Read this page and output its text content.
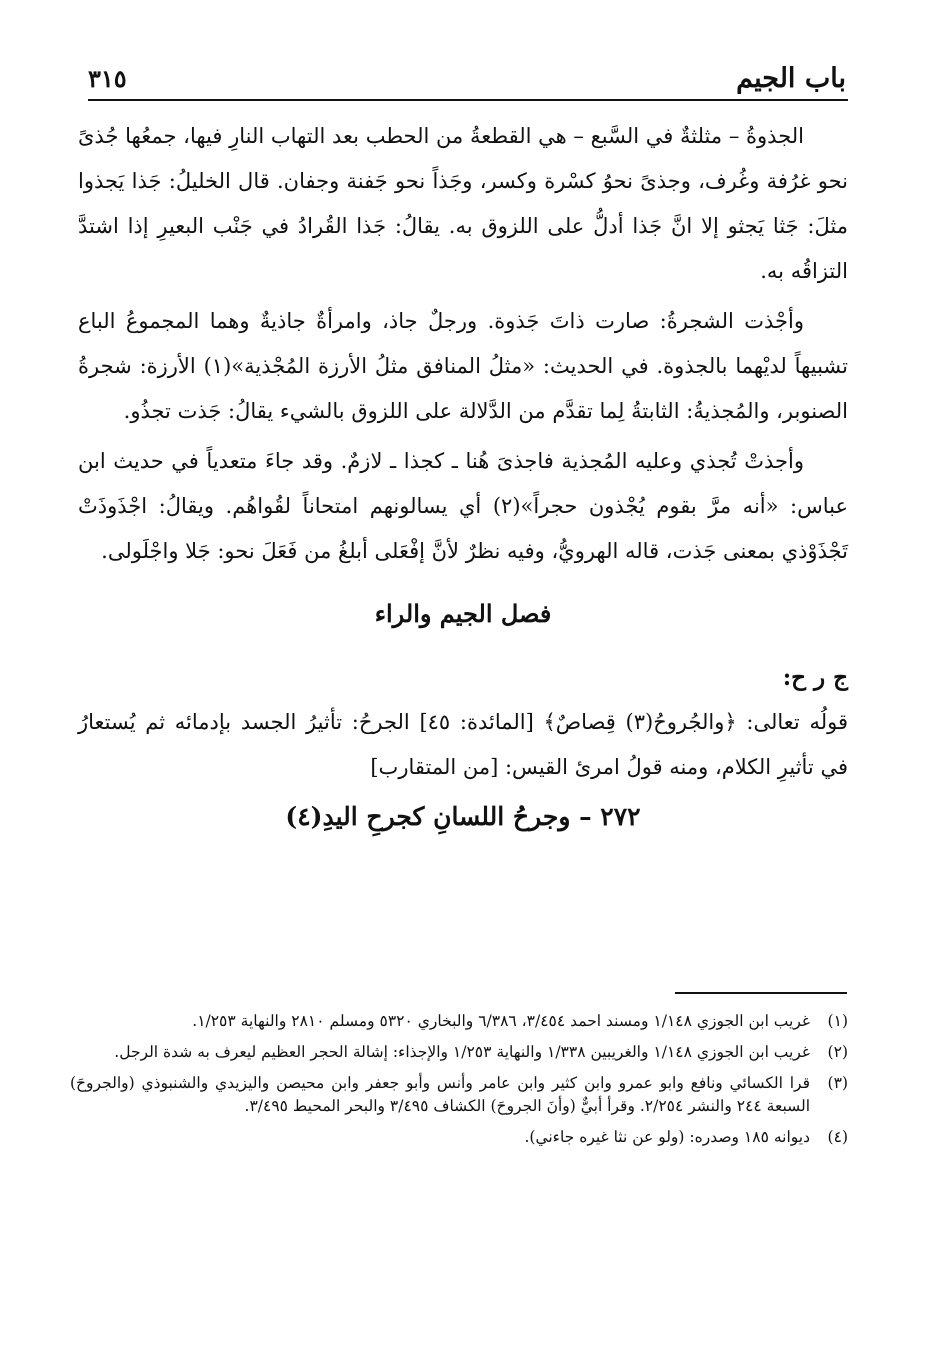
باب الجيم
٣١٥

الجذوةُ – مثلثةٌ في السَّبع – هي القطعةُ من الحطب بعد التهاب النارِ فيها، جمعُها جُذىً نحو غرُفة وغُرف، وجذىً نحوُ كسْرة وكسر، وجَذاً نحو جَفنة وجفان. قال الخليلُ: جَذا يَجذوا مثلَ: جَثا يَجثو إلا انَّ جَذا أدلُّ على اللزوق به. يقالُ: جَذا القُرادُ في جَنْب البعيرِ إذا اشتدَّ التزاقُه به.

وأجْذت الشجرةُ: صارت ذاتَ جَذوة. ورجلٌ جاذ، وامرأةٌ جاذيةٌ وهما المجموعُ الباع تشبيهاً لديْهما بالجذوة. في الحديث: «مثلُ المنافق مثلُ الأرزة المُجْذية»(١) الأرزة: شجرةُ الصنوبر، والمُجذيةُ: الثابتةُ لِما تقدَّم من الدَّلالة على اللزوق بالشيء يقالُ: جَذت تجذُو.

وأجذتْ تُجذي وعليه المُجذية فاجذىَ هُنا ـ كجذا ـ لازمٌ. وقد جاءَ متعدياً في حديث ابن عباس: «أنه مرَّ بقوم يُجْذون حجراً»(٢) أي يسالونهم امتحاناً لقُواهُم. ويقالُ: اجْذَوذَتْ تَجْذَوْذي بمعنى جَذت، قاله الهرويُّ، وفيه نظرٌ لأنَّ إفْعَلى أبلغُ من فَعَلَ نحو: جَلا واجْلَولى.

فصل الجيم والراء
ج ر ح:

قولُه تعالى: ﴿والجُروحُ(٣) قِصاصٌ﴾ [المائدة: ٤٥] الجرحُ: تأثيرُ الجسد بإدمائه ثم يُستعارُ في تأثيرِ الكلام، ومنه قولُ امرئ القيس: [من المتقارب]

٢٧٢ – وجرحُ اللسانِ كجرحِ اليدِ(٤)
(١)
غريب ابن الجوزي ١/١٤٨ ومسند احمد ٣/٤٥٤، ٦/٣٨٦ والبخاري ٥٣٢٠ ومسلم ٢٨١٠ والنهاية ١/٢٥٣.
(٢)
غريب ابن الجوزي ١/١٤٨ والغريبين ١/٣٣٨ والنهاية ١/٢٥٣ والإجذاء: إشالة الحجر العظيم ليعرف به شدة الرجل.
(٣)
قرا الكسائي ونافع وابو عمرو وابن كثير وابن عامر وأنس وأبو جعفر وابن محيصن واليزيدي والشنبوذي (والجروحَ) السبعة ٢٤٤ والنشر ٢/٢٥٤. وقرأ أبيٌّ (وأنَ الجروحَ) الكشاف ٣/٤٩٥ والبحر المحيط ٣/٤٩٥.
(٤)
ديوانه ١٨٥ وصدره: (ولو عن نثا غيره جاءني).
